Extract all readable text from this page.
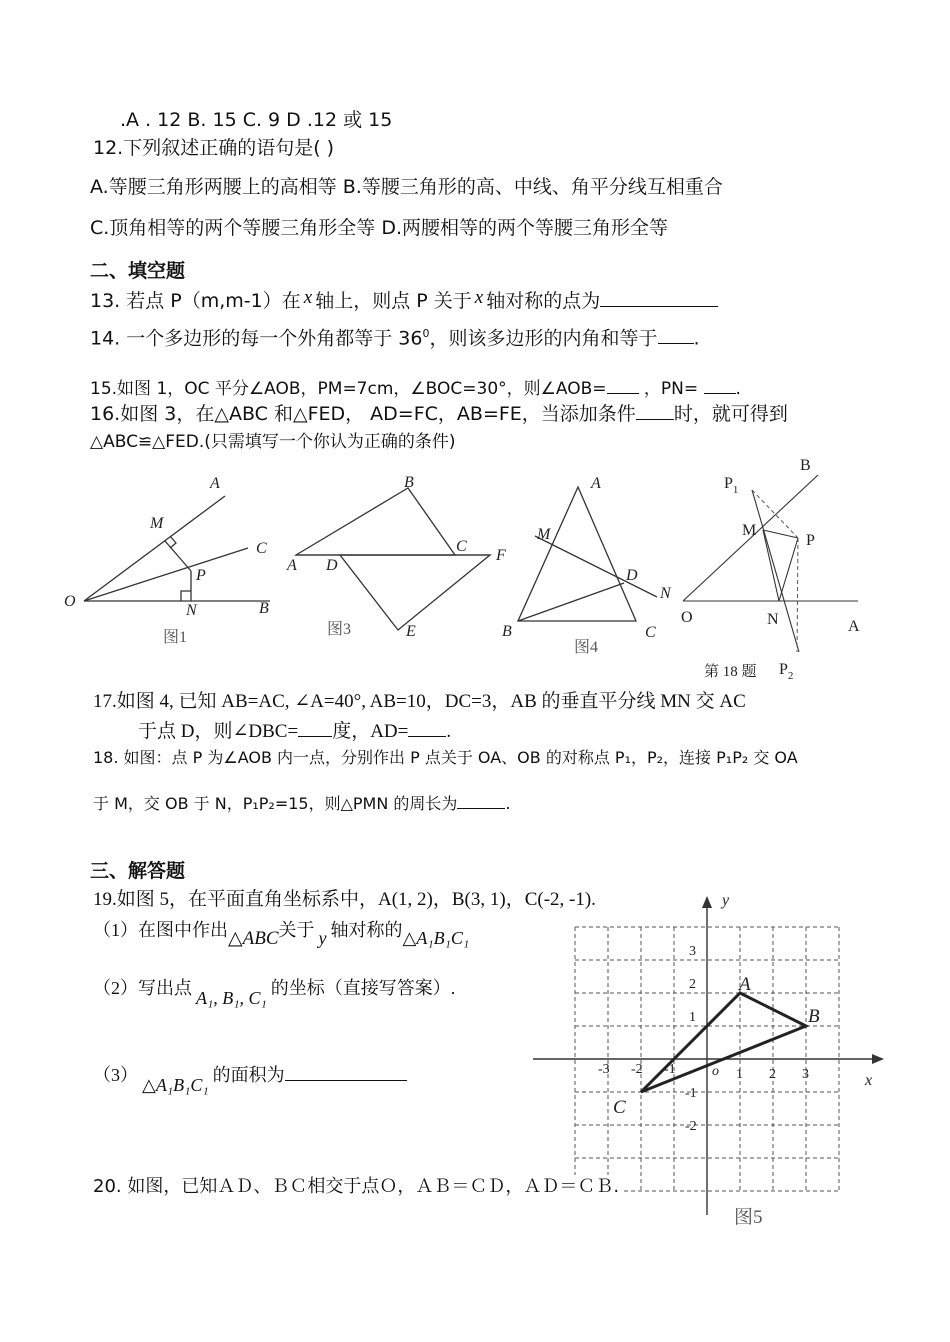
.A . 12 B. 15 C. 9 D .12 或 15
12.下列叙述正确的语句是( )
A.等腰三角形两腰上的高相等 B.等腰三角形的高、中线、角平分线互相重合
C.顶角相等的两个等腰三角形全等 D.两腰相等的两个等腰三角形全等
二、填空题
13. 若点 P（m,m-1）在 x 轴上，则点 P 关于 x 轴对称的点为
14. 一个多边形的每一个外角都等于 $36^0$，则该多边形的内角和等于 .
15.如图 1，OC 平分∠AOB，PM=7cm，∠BOC=30°，则∠AOB= ，PN= .
16.如图 3，在△ABC 和△FED， AD=FC，AB=FE，当添加条件 时，就可得到
△ABC≌△FED.(只需填写一个你认为正确的条件)
A
M
C
P
O
N	B
图1
A D
B
C
F
E
图3
A
M
D
N
B	C
图4
$P_1$
B
M
P
O	N	A
第 18 题 $P_2$
17.如图 4, 已知 AB=AC, ∠A=40°, AB=10，DC=3，AB 的垂直平分线 MN 交 AC
于点 D，则∠DBC= 度，AD= .
18. 如图：点 P 为∠AOB 内一点，分别作出 P 点关于 OA、OB 的对称点 P₁，P₂，连接 P₁P₂ 交 OA
于 M，交 OB 于 N，P₁P₂=15，则△PMN 的周长为	.
三、解答题
19.如图 5，在平面直角坐标系中，A(1, 2)，B(3, 1)，C(-2, -1).
（1）在图中作出△ABC关于 y 轴对称的△A₁B₁C₁
（2）写出点 A₁, B₁, C₁ 的坐标（直接写答案）.
（3） △A₁B₁C₁ 的面积为	-3 -2 -1	1 2 3
3
2
1
-1
-2
x
y
o
A
B
C
图5
20. 如图，已知ＡＤ、ＢＣ相交于点Ｏ，ＡＢ＝ＣＤ，ＡＤ＝ＣＢ.
